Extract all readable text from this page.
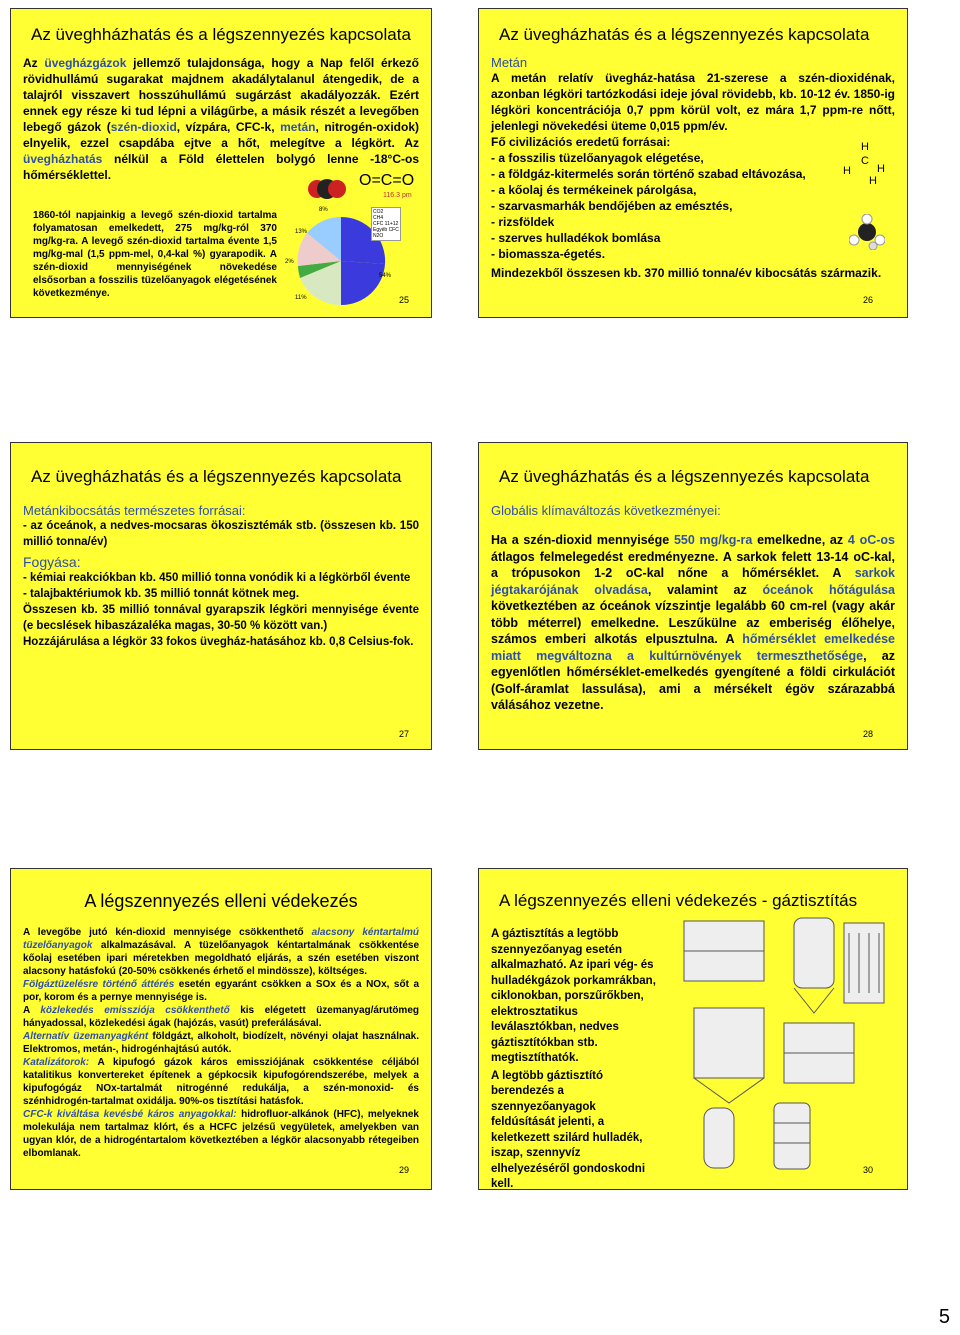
Az üveghházhatás és a légszennyezés kapcsolata
Az üvegházgázok jellemző tulajdonsága, hogy a Nap felől érkező rövidhullámú sugarakat majdnem akadálytalanul átengedik, de a talajról visszavert hosszúhullámú sugárzást akadályozzák. Ezért ennek egy része ki tud lépni a világűrbe, a másik részét a levegőben lebegő gázok (szén-dioxid, vízpára, CFC-k, metán, nitrogén-oxidok) elnyelik, ezzel csapdába ejtve a hőt, melegítve a légkört. Az üvegházhatás nélkül a Föld élettelen bolygó lenne -18°C-os hőmérséklettel.	O=C=O
116.3 pm
1860-tól napjainkig a levegő szén-dioxid tartalma folyamatosan emelkedett, 275 mg/kg-ról 370 mg/kg-ra. A levegő szén-dioxid tartalma évente 1,5 mg/kg-mal (1,5 ppm-mel, 0,4-kal %) gyarapodik. A szén-dioxid mennyiségének növekedése elsősorban a fosszilis tüzelőanyagok elégetésének következménye.
8%
13%
2%
11%
54%
CO2
CH4
CFC 11+12
Egyéb CFC
N2O
25
Az üvegházhatás és a légszennyezés kapcsolata
Metán
A metán relatív üvegház-hatása 21-szerese a szén-dioxidénak, azonban légköri tartózkodási ideje jóval rövidebb, kb. 10-12 év. 1850-ig légköri koncentrációja 0,7 ppm körül volt, ez mára 1,7 ppm-re nőtt, jelenlegi növekedési üteme 0,015 ppm/év.

Fő civilizációs eredetű forrásai:

- a fosszilis tüzelőanyagok elégetése,

- a földgáz-kitermelés során történő szabad eltávozása,

- a kőolaj és termékeinek párolgása,

- szarvasmarhák bendőjében az emésztés,

- rizsföldek

- szerves hulladékok bomlása

- biomassza-égetés.

Mindezekből összesen kb. 370 millió tonna/év kibocsátás származik.
H
C
H H
H
26
Az üvegházhatás és a légszennyezés kapcsolata
Metánkibocsátás természetes forrásai:
- az óceánok, a nedves-mocsaras ökoszisztémák stb. (összesen kb. 150 millió tonna/év)
Fogyása:
- kémiai reakciókban kb. 450 millió tonna vonódik ki a légkörből évente
- talajbaktériumok kb. 35 millió tonnát kötnek meg.
Összesen kb. 35 millió tonnával gyarapszik légköri mennyisége évente (e becslések hibaszázaléka magas, 30-50 % között van.)
Hozzájárulása a légkör 33 fokos üvegház-hatásához kb. 0,8 Celsius-fok.
27
Az üvegházhatás és a légszennyezés kapcsolata
Globális klímaváltozás következményei:
Ha a szén-dioxid mennyisége 550 mg/kg-ra emelkedne, az 4 oC-os átlagos felmelegedést eredményezne. A sarkok felett 13-14 oC-kal, a trópusokon 1-2 oC-kal nőne a hőmérséklet. A sarkok jégtakarójának olvadása, valamint az óceánok hőtágulása következtében az óceánok vízszintje legalább 60 cm-rel (vagy akár több méterrel) emelkedne. Leszűkülne az emberiség élőhelye, számos emberi alkotás elpusztulna. A hőmérséklet emelkedése miatt megváltozna a kultúrnövények termeszthetősége, az egyenlőtlen hőmérséklet-emelkedés gyengítené a földi cirkulációt (Golf-áramlat lassulása), ami a mérsékelt égöv szárazabbá válásához vezetne.
28
A légszennyezés elleni védekezés
A levegőbe jutó kén-dioxid mennyisége csökkenthető alacsony kéntartalmú tüzelőanyagok alkalmazásával. A tüzelőanyagok kéntartalmának csökkentése kőolaj esetében ipari méretekben megoldható eljárás, a szén esetében viszont alacsony hatásfokú (20-50% csökkenés érhető el mindössze), költséges.
Fölgáztüzelésre történő áttérés esetén egyaránt csökken a SOx és a NOx, sőt a por, korom és a pernye mennyisége is.
A közlekedés emissziója csökkenthető kis elégetett üzemanyag/árutömeg hányadossal, közlekedési ágak (hajózás, vasút) preferálásával.
Alternatív üzemanyagként földgázt, alkoholt, biodízelt, növényi olajat használnak. Elektromos, metán-, hidrogénhajtású autók.
Katalizátorok: A kipufogó gázok káros emissziójának csökkentése céljából katalitikus konvertereket építenek a gépkocsik kipufogórendszerébe, melyek a kipufogógáz NOx-tartalmát nitrogénné redukálja, a szén-monoxid- és szénhidrogén-tartalmat oxidálja. 90%-os tisztítási hatásfok.
CFC-k kiváltása kevésbé káros anyagokkal: hidrofluor-alkánok (HFC), melyeknek molekulája nem tartalmaz klórt, és a HCFC jelzésű vegyületek, amelyekben van ugyan klór, de a hidrogéntartalom következtében a légkör alacsonyabb rétegeiben elbomlanak.
29
A légszennyezés elleni védekezés - gáztisztítás
A gáztisztítás a legtöbb szennyezőanyag esetén alkalmazható. Az ipari vég- és hulladékgázok porkamrákban, ciklonokban, porszűrőkben, elektrosztatikus leválasztókban, nedves gáztisztítókban stb. megtisztíthatók.
A legtöbb gáztisztító berendezés a szennyezőanyagok feldúsítását jelenti, a keletkezett szilárd hulladék, iszap, szennyvíz elhelyezéséről gondoskodni kell.
30
5
